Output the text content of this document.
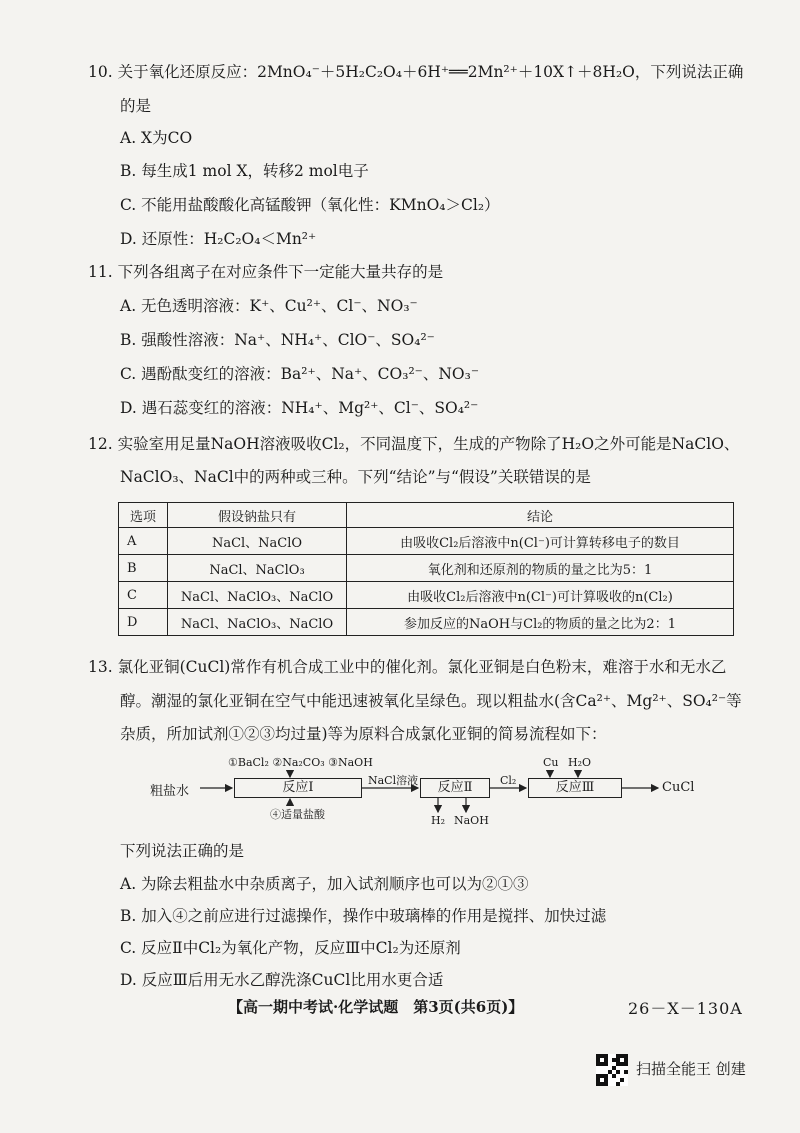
10. 关于氧化还原反应：2MnO₄⁻＋5H₂C₂O₄＋6H⁺══2Mn²⁺＋10X↑＋8H₂O，下列说法正确
的是
A. X为CO
B. 每生成1 mol X，转移2 mol电子
C. 不能用盐酸酸化高锰酸钾（氧化性：KMnO₄＞Cl₂）
D. 还原性：H₂C₂O₄＜Mn²⁺
11. 下列各组离子在对应条件下一定能大量共存的是
A. 无色透明溶液：K⁺、Cu²⁺、Cl⁻、NO₃⁻
B. 强酸性溶液：Na⁺、NH₄⁺、ClO⁻、SO₄²⁻
C. 遇酚酞变红的溶液：Ba²⁺、Na⁺、CO₃²⁻、NO₃⁻
D. 遇石蕊变红的溶液：NH₄⁺、Mg²⁺、Cl⁻、SO₄²⁻
12. 实验室用足量NaOH溶液吸收Cl₂，不同温度下，生成的产物除了H₂O之外可能是NaClO、
NaClO₃、NaCl中的两种或三种。下列“结论”与“假设”关联错误的是
选项	假设钠盐只有	结论
A	NaCl、NaClO	由吸收Cl₂后溶液中n(Cl⁻)可计算转移电子的数目
B	NaCl、NaClO₃	氧化剂和还原剂的物质的量之比为5：1
C	NaCl、NaClO₃、NaClO	由吸收Cl₂后溶液中n(Cl⁻)可计算吸收的n(Cl₂)
D	NaCl、NaClO₃、NaClO	参加反应的NaOH与Cl₂的物质的量之比为2：1
13. 氯化亚铜(CuCl)常作有机合成工业中的催化剂。氯化亚铜是白色粉末，难溶于水和无水乙
醇。潮湿的氯化亚铜在空气中能迅速被氧化呈绿色。现以粗盐水(含Ca²⁺、Mg²⁺、SO₄²⁻等
杂质，所加试剂①②③均过量)等为原料合成氯化亚铜的简易流程如下：
粗盐水
①BaCl₂ ②Na₂CO₃ ③NaOH
反应Ⅰ
④适量盐酸
NaCl溶液	反应Ⅱ
H₂ NaOH
Cl₂	反应Ⅲ
Cu H₂O
CuCl
下列说法正确的是
A. 为除去粗盐水中杂质离子，加入试剂顺序也可以为②①③
B. 加入④之前应进行过滤操作，操作中玻璃棒的作用是搅拌、加快过滤
C. 反应Ⅱ中Cl₂为氧化产物，反应Ⅲ中Cl₂为还原剂
D. 反应Ⅲ后用无水乙醇洗涤CuCl比用水更合适
【高一期中考试·化学试题　第3页(共6页)】	26－X－130A
扫描全能王 创建
